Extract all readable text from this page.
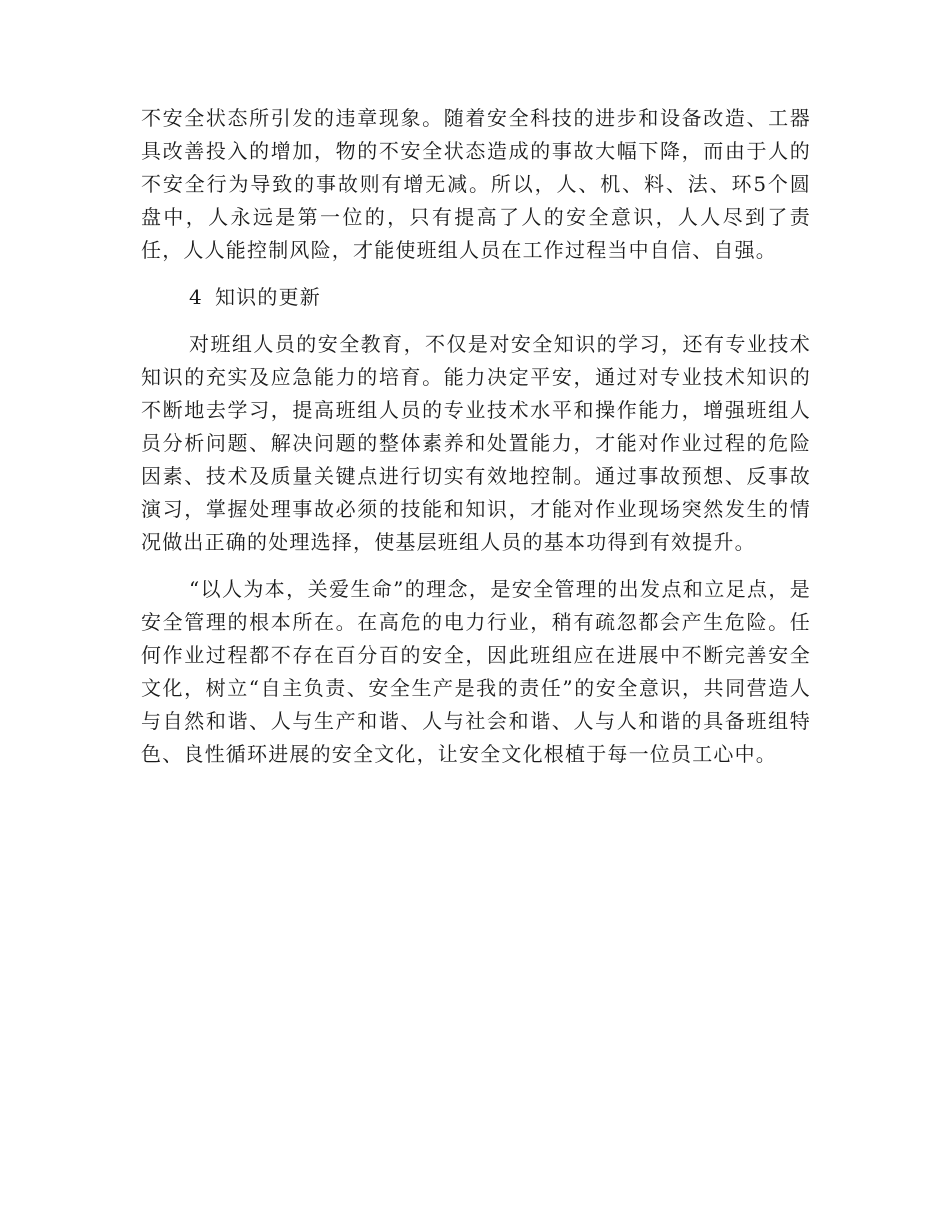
不安全状态所引发的违章现象。随着安全科技的进步和设备改造、工器具改善投入的增加，物的不安全状态造成的事故大幅下降，而由于人的不安全行为导致的事故则有增无减。所以，人、机、料、法、环5个圆盘中，人永远是第一位的，只有提高了人的安全意识，人人尽到了责任，人人能控制风险，才能使班组人员在工作过程当中自信、自强。

4 知识的更新

对班组人员的安全教育，不仅是对安全知识的学习，还有专业技术知识的充实及应急能力的培育。能力决定平安，通过对专业技术知识的不断地去学习，提高班组人员的专业技术水平和操作能力，增强班组人员分析问题、解决问题的整体素养和处置能力，才能对作业过程的危险因素、技术及质量关键点进行切实有效地控制。通过事故预想、反事故演习，掌握处理事故必须的技能和知识，才能对作业现场突然发生的情况做出正确的处理选择，使基层班组人员的基本功得到有效提升。

“以人为本，关爱生命”的理念，是安全管理的出发点和立足点，是安全管理的根本所在。在高危的电力行业，稍有疏忽都会产生危险。任何作业过程都不存在百分百的安全，因此班组应在进展中不断完善安全文化，树立“自主负责、安全生产是我的责任”的安全意识，共同营造人与自然和谐、人与生产和谐、人与社会和谐、人与人和谐的具备班组特色、良性循环进展的安全文化，让安全文化根植于每一位员工心中。
